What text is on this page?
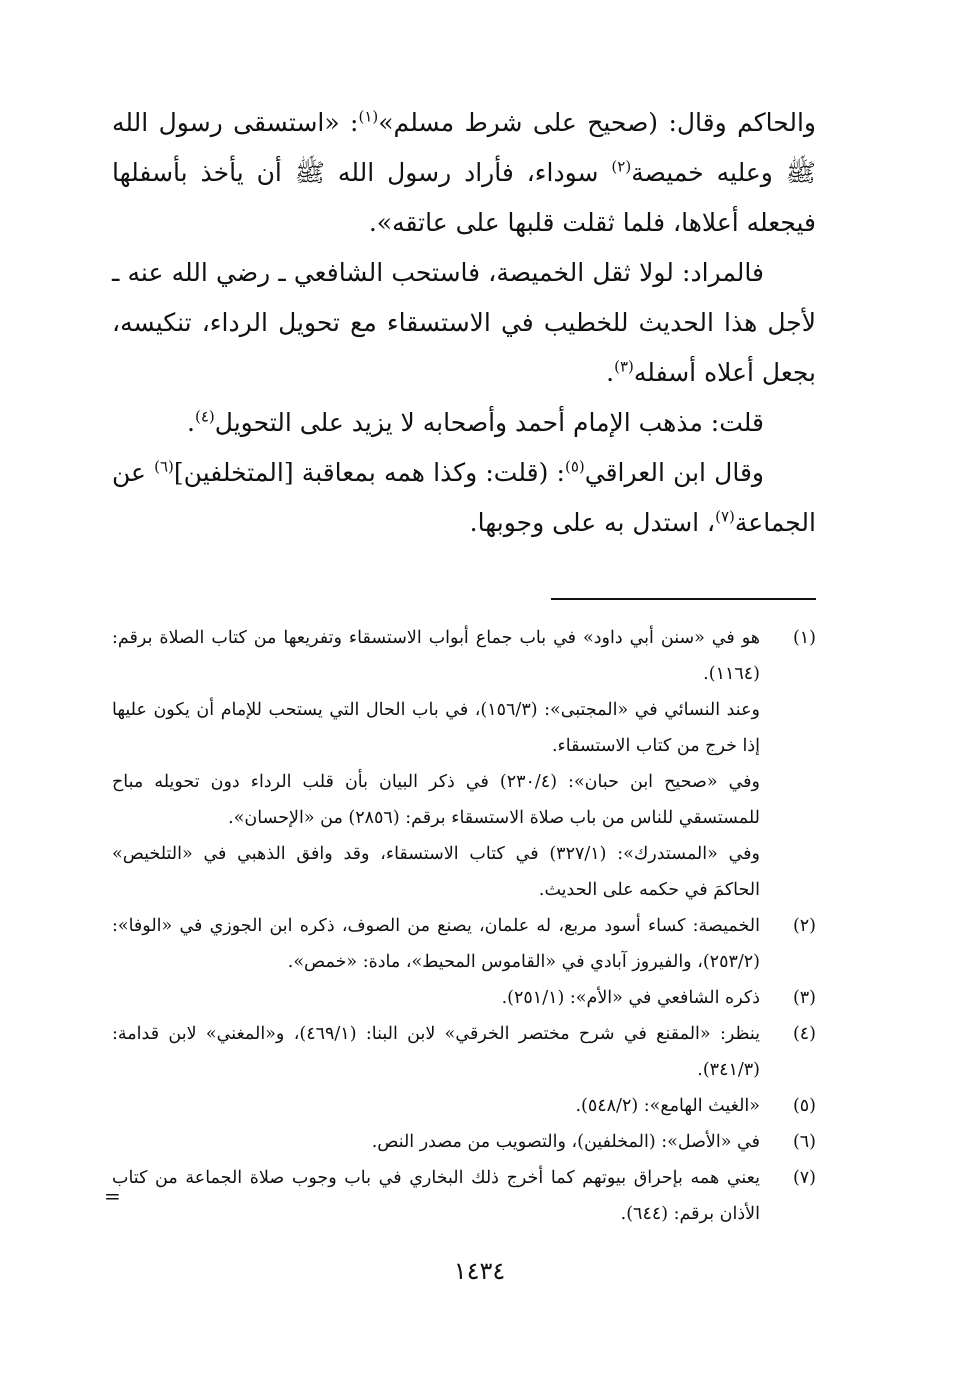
والحاكم وقال: (صحيح على شرط مسلم»$^{(١)}$: «استسقى رسول الله ﷺ وعليه خميصة$^{(٢)}$ سوداء، فأراد رسول الله ﷺ أن يأخذ بأسفلها فيجعله أعلاها، فلما ثقلت قلبها على عاتقه».

فالمراد: لولا ثقل الخميصة، فاستحب الشافعي ـ رضي الله عنه ـ لأجل هذا الحديث للخطيب في الاستسقاء مع تحويل الرداء، تنكيسه، بجعل أعلاه أسفله$^{(٣)}$.

قلت: مذهب الإمام أحمد وأصحابه لا يزيد على التحويل$^{(٤)}$.

وقال ابن العراقي$^{(٥)}$: (قلت: وكذا همه بمعاقبة [المتخلفين]$^{(٦)}$ عن الجماعة$^{(٧)}$، استدل به على وجوبها.

(١)
هو في «سنن أبي داود» في باب جماع أبواب الاستسقاء وتفريعها من كتاب الصلاة برقم: (١١٦٤).
وعند النسائي في «المجتبى»: (١٥٦/٣)، في باب الحال التي يستحب للإمام أن يكون عليها إذا خرج من كتاب الاستسقاء.
وفي «صحيح ابن حبان»: (٢٣٠/٤) في ذكر البيان بأن قلب الرداء دون تحويله مباح للمستسقي للناس من باب صلاة الاستسقاء برقم: (٢٨٥٦) من «الإحسان».
وفي «المستدرك»: (٣٢٧/١) في كتاب الاستسقاء، وقد وافق الذهبي في «التلخيص» الحاكمَ في حكمه على الحديث.
(٢)
الخميصة: كساء أسود مربع، له علمان، يصنع من الصوف، ذكره ابن الجوزي في «الوفا»: (٢٥٣/٢)، والفيروز آبادي في «القاموس المحيط»، مادة: «خمص».
(٣)
ذكره الشافعي في «الأم»: (٢٥١/١).
(٤)
ينظر: «المقنع في شرح مختصر الخرقي» لابن البنا: (٤٦٩/١)، و«المغني» لابن قدامة: (٣٤١/٣).
(٥)
«الغيث الهامع»: (٥٤٨/٢).
(٦)
في «الأصل»: (المخلفين)، والتصويب من مصدر النص.
(٧)
يعني همه بإحراق بيوتهم كما أخرج ذلك البخاري في باب وجوب صلاة الجماعة من كتاب الأذان برقم: (٦٤٤).
=
١٤٣٤
